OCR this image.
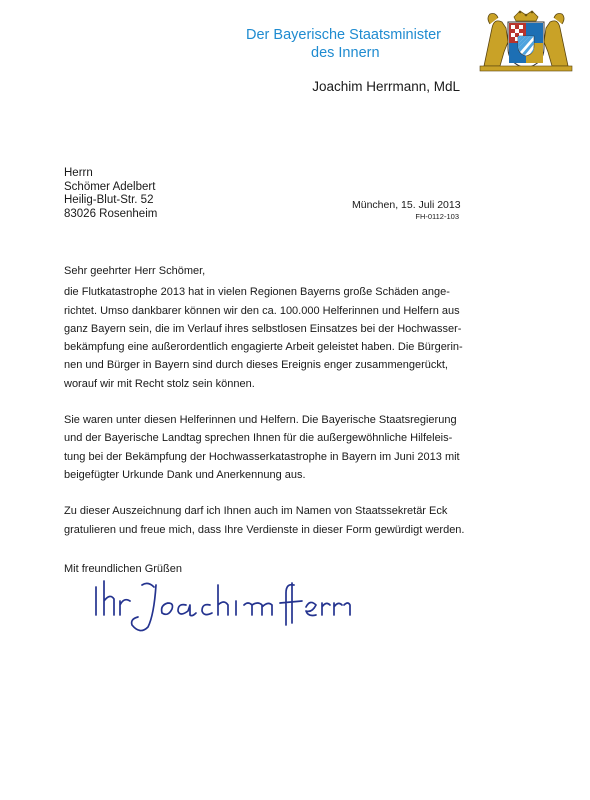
Der Bayerische Staatsminister
des Innern
Joachim Herrmann, MdL
Herrn
Schömer Adelbert
Heilig-Blut-Str. 52
83026 Rosenheim
München, 15. Juli 2013
FH-0112-103

Sehr geehrter Herr Schömer,

die Flutkatastrophe 2013 hat in vielen Regionen Bayerns große Schäden ange-
richtet. Umso dankbarer können wir den ca. 100.000 Helferinnen und Helfern aus
ganz Bayern sein, die im Verlauf ihres selbstlosen Einsatzes bei der Hochwasser-
bekämpfung eine außerordentlich engagierte Arbeit geleistet haben. Die Bürgerin-
nen und Bürger in Bayern sind durch dieses Ereignis enger zusammengerückt,
worauf wir mit Recht stolz sein können.

Sie waren unter diesen Helferinnen und Helfern. Die Bayerische Staatsregierung
und der Bayerische Landtag sprechen Ihnen für die außergewöhnliche Hilfeleis-
tung bei der Bekämpfung der Hochwasserkatastrophe in Bayern im Juni 2013 mit
beigefügter Urkunde Dank und Anerkennung aus.

Zu dieser Auszeichnung darf ich Ihnen auch im Namen von Staatssekretär Eck
gratulieren und freue mich, dass Ihre Verdienste in dieser Form gewürdigt werden.

Mit freundlichen Grüßen
